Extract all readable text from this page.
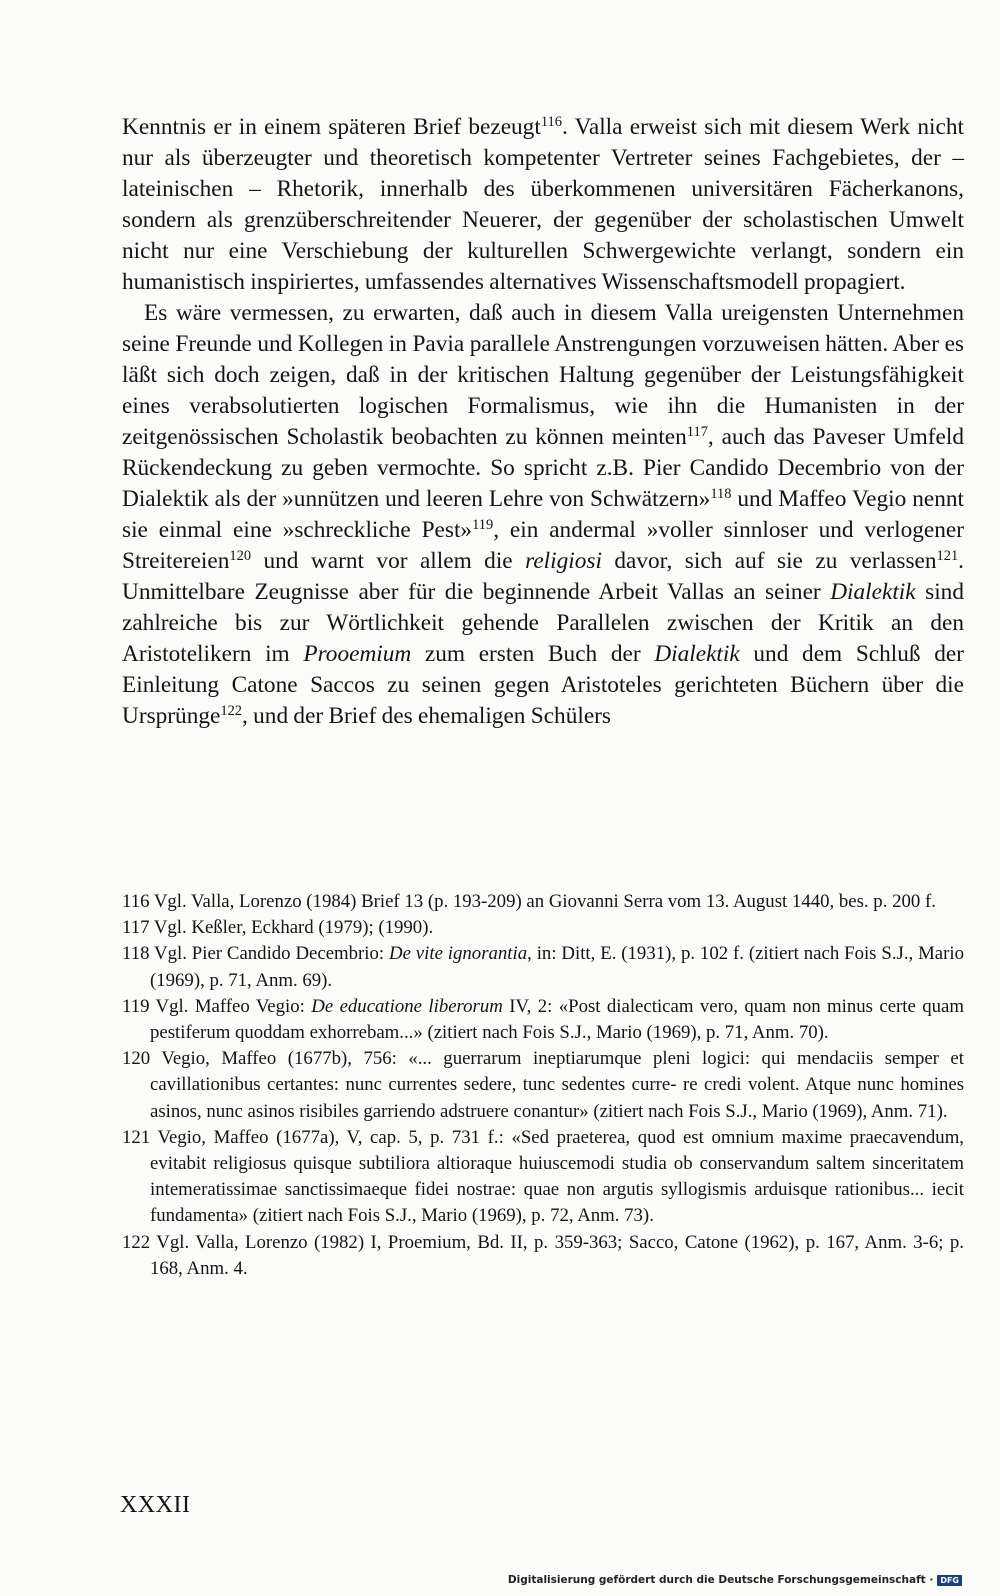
Kenntnis er in einem späteren Brief bezeugt$^{116}$. Valla erweist sich mit diesem Werk nicht nur als überzeugter und theoretisch kompetenter Vertreter seines Fachgebietes, der – lateinischen – Rhetorik, innerhalb des überkommenen universitären Fächerkanons, sondern als grenzüberschreitender Neuerer, der gegenüber der scholastischen Umwelt nicht nur eine Verschiebung der kulturellen Schwergewichte verlangt, sondern ein humanistisch inspiriertes, umfassendes alternatives Wissenschaftsmodell propagiert.

Es wäre vermessen, zu erwarten, daß auch in diesem Valla ureigensten Unternehmen seine Freunde und Kollegen in Pavia parallele Anstrengungen vorzuweisen hätten. Aber es läßt sich doch zeigen, daß in der kritischen Haltung gegenüber der Leistungsfähigkeit eines verabsolutierten logischen Formalismus, wie ihn die Humanisten in der zeitgenössischen Scholastik beobachten zu können meinten$^{117}$, auch das Paveser Umfeld Rückendeckung zu geben vermochte. So spricht z.B. Pier Candido Decembrio von der Dialektik als der »unnützen und leeren Lehre von Schwätzern»$^{118}$ und Maffeo Vegio nennt sie einmal eine »schreckliche Pest»$^{119}$, ein andermal »voller sinnloser und verlogener Streitereien$^{120}$ und warnt vor allem die religiosi davor, sich auf sie zu verlassen$^{121}$. Unmittelbare Zeugnisse aber für die beginnende Arbeit Vallas an seiner Dialektik sind zahlreiche bis zur Wörtlichkeit gehende Parallelen zwischen der Kritik an den Aristotelikern im Prooemium zum ersten Buch der Dialektik und dem Schluß der Einleitung Catone Saccos zu seinen gegen Aristoteles gerichteten Büchern über die Ursprünge$^{122}$, und der Brief des ehemaligen Schülers

116 Vgl. Valla, Lorenzo (1984) Brief 13 (p. 193-209) an Giovanni Serra vom 13. August 1440, bes. p. 200 f.
117 Vgl. Keßler, Eckhard (1979); (1990).
118 Vgl. Pier Candido Decembrio: De vite ignorantia, in: Ditt, E. (1931), p. 102 f. (zitiert nach Fois S.J., Mario (1969), p. 71, Anm. 69).
119 Vgl. Maffeo Vegio: De educatione liberorum IV, 2: «Post dialecticam vero, quam non minus certe quam pestiferum quoddam exhorrebam...» (zitiert nach Fois S.J., Mario (1969), p. 71, Anm. 70).
120 Vegio, Maffeo (1677b), 756: «... guerrarum ineptiarumque pleni logici: qui mendaciis semper et cavillationibus certantes: nunc currentes sedere, tunc sedentes curre- re credi volent. Atque nunc homines asinos, nunc asinos risibiles garriendo adstruere conantur» (zitiert nach Fois S.J., Mario (1969), Anm. 71).
121 Vegio, Maffeo (1677a), V, cap. 5, p. 731 f.: «Sed praeterea, quod est omnium maxime praecavendum, evitabit religiosus quisque subtiliora altioraque huiuscemodi studia ob conservandum saltem sinceritatem intemeratissimae sanctissimaeque fidei nostrae: quae non argutis syllogismis arduisque rationibus... iecit fundamenta» (zitiert nach Fois S.J., Mario (1969), p. 72, Anm. 73).
122 Vgl. Valla, Lorenzo (1982) I, Proemium, Bd. II, p. 359-363; Sacco, Catone (1962), p. 167, Anm. 3-6; p. 168, Anm. 4.
XXXII
Digitalisierung gefördert durch die Deutsche Forschungsgemeinschaft · DFG
